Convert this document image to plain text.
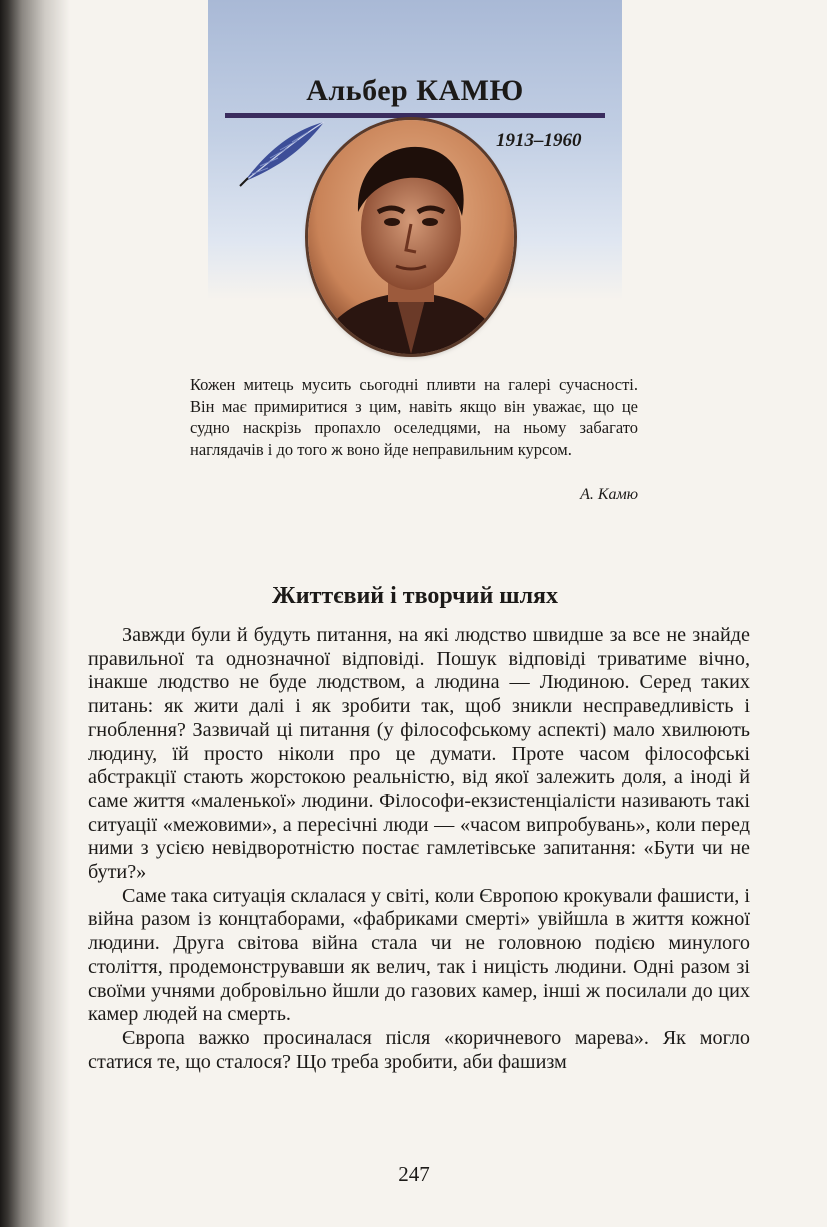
Альбер КАМЮ
1913–1960

Кожен митець мусить сьогодні пливти на галері сучасності. Він має примиритися з цим, навіть якщо він уважає, що це судно наскрізь пропахло оселедцями, на ньому забагато наглядачів і до того ж воно йде неправильним курсом.

А. Камю
Життєвий і творчий шлях

Завжди були й будуть питання, на які людство швидше за все не знайде правильної та однозначної відповіді. Пошук відповіді триватиме вічно, інакше людство не буде людством, а людина — Людиною. Серед таких питань: як жити далі і як зробити так, щоб зникли несправедливість і гноблення? Зазвичай ці питання (у філософському аспекті) мало хвилюють людину, їй просто ніколи про це думати. Проте часом філософські абстракції стають жорстокою реальністю, від якої залежить доля, а іноді й саме життя «маленької» людини. Філософи-екзистенціалісти називають такі ситуації «межовими», а пересічні люди — «часом випробувань», коли перед ними з усією невідворотністю постає гамлетівське запитання: «Бути чи не бути?»

Саме така ситуація склалася у світі, коли Європою крокували фашисти, і війна разом із концтаборами, «фабриками смерті» увійшла в життя кожної людини. Друга світова війна стала чи не головною подією минулого століття, продемонструвавши як велич, так і ницість людини. Одні разом зі своїми учнями добровільно йшли до газових камер, інші ж посилали до цих камер людей на смерть.

Європа важко просиналася після «коричневого марева». Як могло статися те, що сталося? Що треба зробити, аби фашизм

247
